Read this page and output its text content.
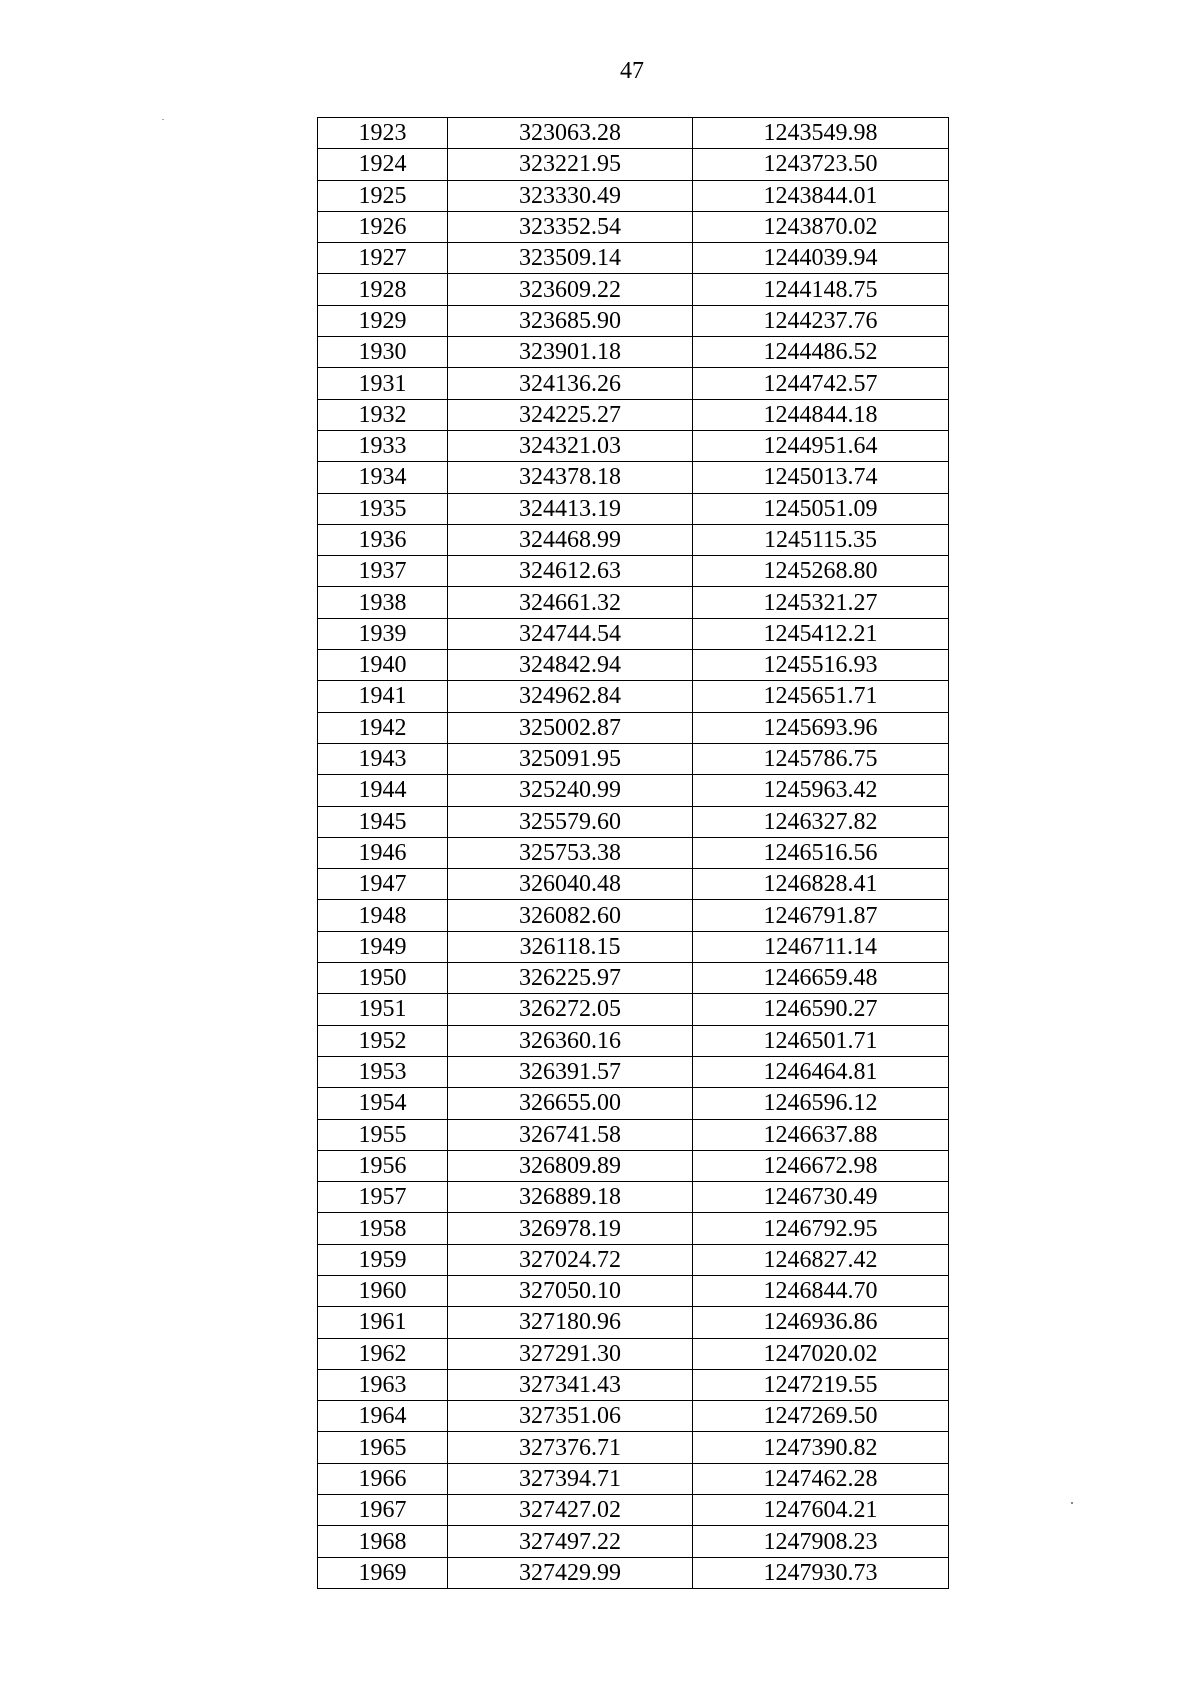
47
1923	323063.28	1243549.98
1924	323221.95	1243723.50
1925	323330.49	1243844.01
1926	323352.54	1243870.02
1927	323509.14	1244039.94
1928	323609.22	1244148.75
1929	323685.90	1244237.76
1930	323901.18	1244486.52
1931	324136.26	1244742.57
1932	324225.27	1244844.18
1933	324321.03	1244951.64
1934	324378.18	1245013.74
1935	324413.19	1245051.09
1936	324468.99	1245115.35
1937	324612.63	1245268.80
1938	324661.32	1245321.27
1939	324744.54	1245412.21
1940	324842.94	1245516.93
1941	324962.84	1245651.71
1942	325002.87	1245693.96
1943	325091.95	1245786.75
1944	325240.99	1245963.42
1945	325579.60	1246327.82
1946	325753.38	1246516.56
1947	326040.48	1246828.41
1948	326082.60	1246791.87
1949	326118.15	1246711.14
1950	326225.97	1246659.48
1951	326272.05	1246590.27
1952	326360.16	1246501.71
1953	326391.57	1246464.81
1954	326655.00	1246596.12
1955	326741.58	1246637.88
1956	326809.89	1246672.98
1957	326889.18	1246730.49
1958	326978.19	1246792.95
1959	327024.72	1246827.42
1960	327050.10	1246844.70
1961	327180.96	1246936.86
1962	327291.30	1247020.02
1963	327341.43	1247219.55
1964	327351.06	1247269.50
1965	327376.71	1247390.82
1966	327394.71	1247462.28
1967	327427.02	1247604.21
1968	327497.22	1247908.23
1969	327429.99	1247930.73
